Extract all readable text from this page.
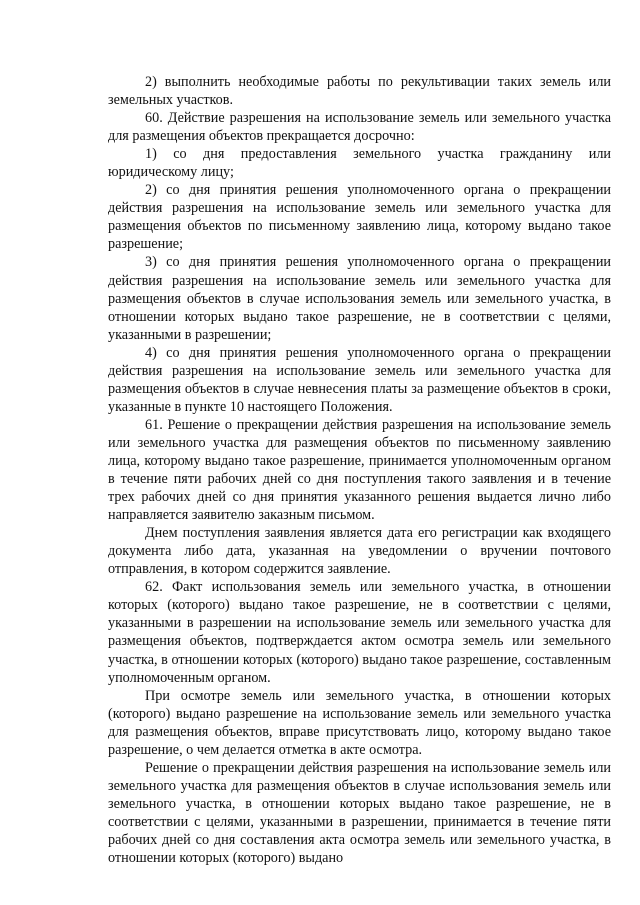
2) выполнить необходимые работы по рекультивации таких земель или земельных участков.

60. Действие разрешения на использование земель или земельного участка для размещения объектов прекращается досрочно:

1) со дня предоставления земельного участка гражданину или юридическому лицу;

2) со дня принятия решения уполномоченного органа о прекращении действия разрешения на использование земель или земельного участка для размещения объектов по письменному заявлению лица, которому выдано такое разрешение;

3) со дня принятия решения уполномоченного органа о прекращении действия разрешения на использование земель или земельного участка для размещения объектов в случае использования земель или земельного участка, в отношении которых выдано такое разрешение, не в соответствии с целями, указанными в разрешении;

4) со дня принятия решения уполномоченного органа о прекращении действия разрешения на использование земель или земельного участка для размещения объектов в случае невнесения платы за размещение объектов в сроки, указанные в пункте 10 настоящего Положения.

61. Решение о прекращении действия разрешения на использование земель или земельного участка для размещения объектов по письменному заявлению лица, которому выдано такое разрешение, принимается уполномоченным органом в течение пяти рабочих дней со дня поступления такого заявления и в течение трех рабочих дней со дня принятия указанного решения выдается лично либо направляется заявителю заказным письмом.

Днем поступления заявления является дата его регистрации как входящего документа либо дата, указанная на уведомлении о вручении почтового отправления, в котором содержится заявление.

62. Факт использования земель или земельного участка, в отношении которых (которого) выдано такое разрешение, не в соответствии с целями, указанными в разрешении на использование земель или земельного участка для размещения объектов, подтверждается актом осмотра земель или земельного участка, в отношении которых (которого) выдано такое разрешение, составленным уполномоченным органом.

При осмотре земель или земельного участка, в отношении которых (которого) выдано разрешение на использование земель или земельного участка для размещения объектов, вправе присутствовать лицо, которому выдано такое разрешение, о чем делается отметка в акте осмотра.

Решение о прекращении действия разрешения на использование земель или земельного участка для размещения объектов в случае использования земель или земельного участка, в отношении которых выдано такое разрешение, не в соответствии с целями, указанными в разрешении, принимается в течение пяти рабочих дней со дня составления акта осмотра земель или земельного участка, в отношении которых (которого) выдано
